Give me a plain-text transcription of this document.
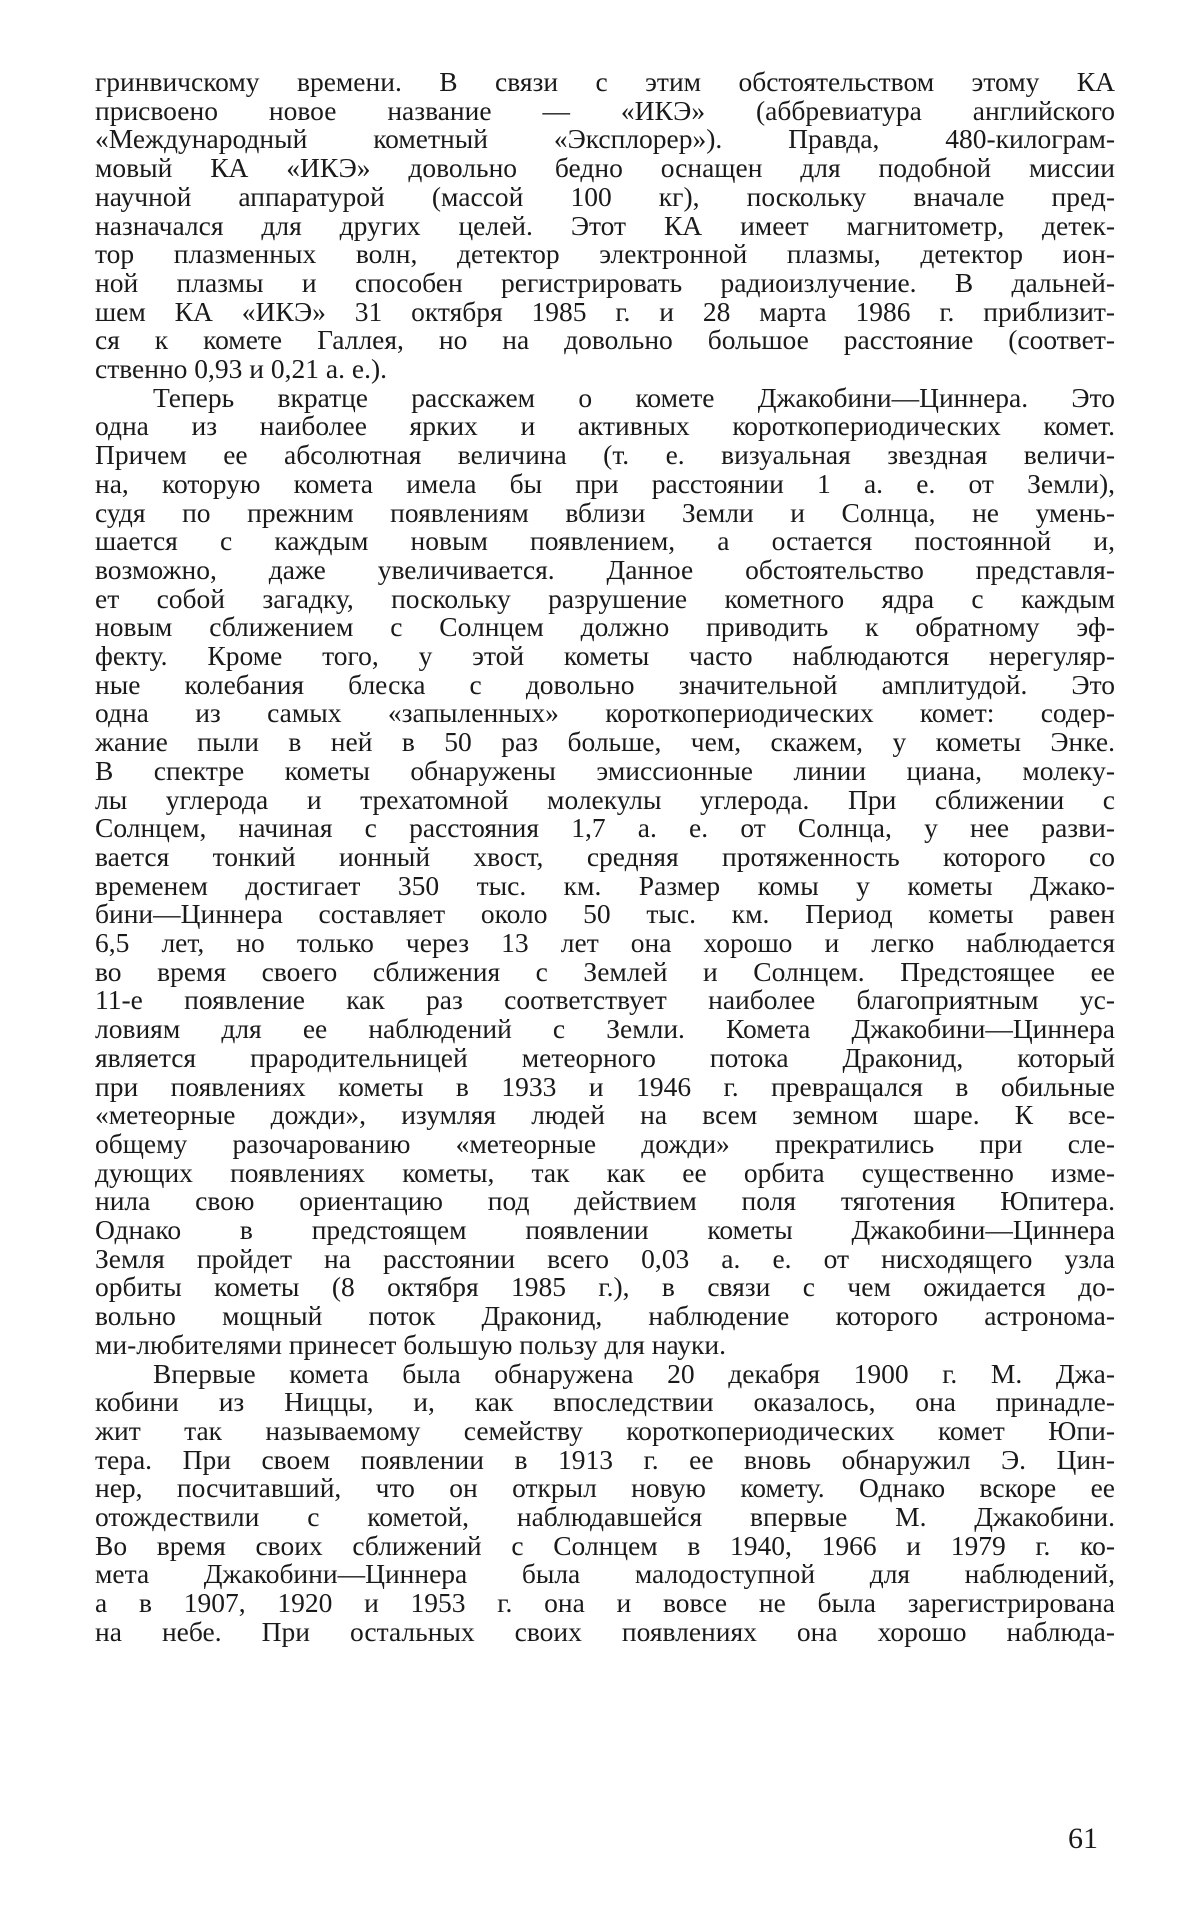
гринвичскому времени. В связи с этим обстоятельством этому КА
присвоено новое название — «ИКЭ» (аббревиатура английского
«Международный кометный «Эксплорер»). Правда, 480-килограм-
мовый КА «ИКЭ» довольно бедно оснащен для подобной миссии
научной аппаратурой (массой 100 кг), поскольку вначале пред-
назначался для других целей. Этот КА имеет магнитометр, детек-
тор плазменных волн, детектор электронной плазмы, детектор ион-
ной плазмы и способен регистрировать радиоизлучение. В дальней-
шем КА «ИКЭ» 31 октября 1985 г. и 28 марта 1986 г. приблизит-
ся к комете Галлея, но на довольно большое расстояние (соответ-
ственно 0,93 и 0,21 а. е.).
Теперь вкратце расскажем о комете Джакобини—Циннера. Это
одна из наиболее ярких и активных короткопериодических комет.
Причем ее абсолютная величина (т. е. визуальная звездная величи-
на, которую комета имела бы при расстоянии 1 а. е. от Земли),
судя по прежним появлениям вблизи Земли и Солнца, не умень-
шается с каждым новым появлением, а остается постоянной и,
возможно, даже увеличивается. Данное обстоятельство представля-
ет собой загадку, поскольку разрушение кометного ядра с каждым
новым сближением с Солнцем должно приводить к обратному эф-
фекту. Кроме того, у этой кометы часто наблюдаются нерегуляр-
ные колебания блеска с довольно значительной амплитудой. Это
одна из самых «запыленных» короткопериодических комет: содер-
жание пыли в ней в 50 раз больше, чем, скажем, у кометы Энке.
В спектре кометы обнаружены эмиссионные линии циана, молеку-
лы углерода и трехатомной молекулы углерода. При сближении с
Солнцем, начиная с расстояния 1,7 а. е. от Солнца, у нее разви-
вается тонкий ионный хвост, средняя протяженность которого со
временем достигает 350 тыс. км. Размер комы у кометы Джако-
бини—Циннера составляет около 50 тыс. км. Период кометы равен
6,5 лет, но только через 13 лет она хорошо и легко наблюдается
во время своего сближения с Землей и Солнцем. Предстоящее ее
11-е появление как раз соответствует наиболее благоприятным ус-
ловиям для ее наблюдений с Земли. Комета Джакобини—Циннера
является прародительницей метеорного потока Драконид, который
при появлениях кометы в 1933 и 1946 г. превращался в обильные
«метеорные дожди», изумляя людей на всем земном шаре. К все-
общему разочарованию «метеорные дожди» прекратились при сле-
дующих появлениях кометы, так как ее орбита существенно изме-
нила свою ориентацию под действием поля тяготения Юпитера.
Однако в предстоящем появлении кометы Джакобини—Циннера
Земля пройдет на расстоянии всего 0,03 а. е. от нисходящего узла
орбиты кометы (8 октября 1985 г.), в связи с чем ожидается до-
вольно мощный поток Драконид, наблюдение которого астронома-
ми-любителями принесет большую пользу для науки.
Впервые комета была обнаружена 20 декабря 1900 г. М. Джа-
кобини из Ниццы, и, как впоследствии оказалось, она принадле-
жит так называемому семейству короткопериодических комет Юпи-
тера. При своем появлении в 1913 г. ее вновь обнаружил Э. Цин-
нер, посчитавший, что он открыл новую комету. Однако вскоре ее
отождествили с кометой, наблюдавшейся впервые М. Джакобини.
Во время своих сближений с Солнцем в 1940, 1966 и 1979 г. ко-
мета Джакобини—Циннера была малодоступной для наблюдений,
а в 1907, 1920 и 1953 г. она и вовсе не была зарегистрирована
на небе. При остальных своих появлениях она хорошо наблюда-
61
